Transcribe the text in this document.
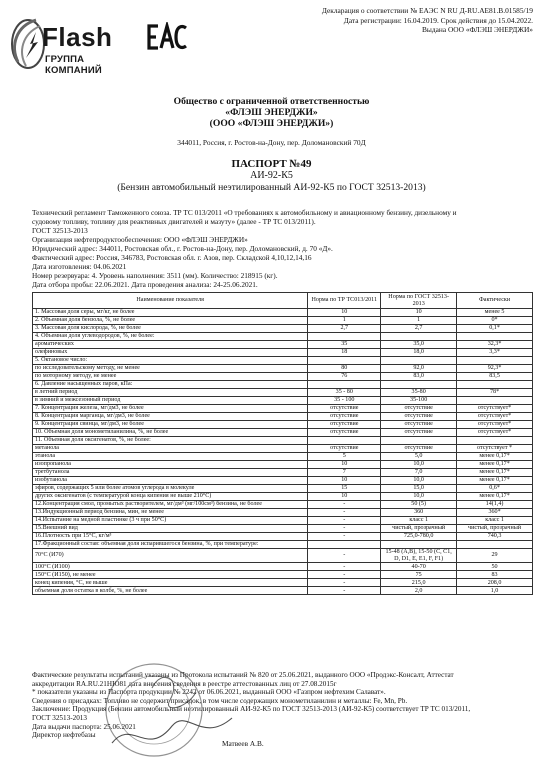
Декларация о соответствии № ЕАЭС N RU Д-RU.АЕ81.В.01585/19
Дата регистрации: 16.04.2019. Срок действия до 15.04.2022.
Выдана ООО «ФЛЭШ ЭНЕРДЖИ»
Flash
ГРУППА КОМПАНИЙ
Общество с ограниченной ответственностью
«ФЛЭШ ЭНЕРДЖИ»
(ООО «ФЛЭШ ЭНЕРДЖИ»)
344011, Россия, г. Ростов-на-Дону, пер. Доломановский 70Д
ПАСПОРТ №49
АИ-92-К5
(Бензин автомобильный неэтилированный АИ-92-К5 по ГОСТ 32513-2013)
Технический регламент Таможенного союза. ТР ТС 013/2011 «О требованиях к автомобильному и авиационному бензину, дизельному и
судовому топливу, топливу для реактивных двигателей и мазуту» (далее - ТР ТС 013/2011).
ГОСТ 32513-2013
Организация нефтепродуктообеспечения: ООО «ФЛЭШ ЭНЕРДЖИ»
Юридический адрес: 344011, Ростовская обл., г. Ростов-на-Дону, пер. Доломановский, д. 70 «Д».
Фактический адрес: Россия, 346783, Ростовская обл. г. Азов, пер. Складской 4,10,12,14,16
Дата изготовления: 04.06.2021
Номер резервуара: 4. Уровень наполнения: 3511 (мм). Количество: 218915 (кг).
Дата отбора пробы: 22.06.2021. Дата проведения анализа: 24-25.06.2021.
Наименование показателя	Норма по ТР ТС013/2011	Норма по ГОСТ 32513-2013	Фактически
1. Массовая доля серы, мг/кг, не более	10	10	менее 5
2. Объемная доля бензола, %, не более	1	1	0*
3. Массовая доля кислорода, %, не более	2,7	2,7	0,1*
4. Объемная доля углеводородов, %, не более:			
ароматических	35	35,0	32,3*
олефиновых	18	18,0	3,3*
5. Октановое число:			
по исследовательскому методу, не менее	80	92,0	92,3*
по моторному методу, не менее	76	83,0	83,5
6. Давление насыщенных паров, кПа:			
в летний период	35 - 80	35-80	78*
в зимний и межсезонный период	35 - 100	35-100	
7. Концентрация железа, мг/дм3, не более	отсутствие	отсутствие	отсутствует*
8. Концентрация марганца, мг/дм3, не более	отсутствие	отсутствие	отсутствует*
9. Концентрация свинца, мг/дм3, не более	отсутствие	отсутствие	отсутствует*
10. Объемная доля монометиланилина, %, не более	отсутствие	отсутствие	отсутствует*
11. Объемная доля оксигенатов, %, не более:			
метанола	отсутствие	отсутствие	отсутствует *
этанола	5	5,0	менее 0,17*
изопропанола	10	10,0	менее 0,17*
третбутанола	7	7,0	менее 0,17*
изобутанола	10	10,0	менее 0,17*
эфиров, содержащих 5 или более атомов углерода в молекуле	15	15,0	0,6*
других оксигенатов (с температурой конца кипения не выше 210°С)	10	10,0	менее 0,17*
12.Концентрация смол, промытых растворителем, мг/дм³ (мг/100см³) бензина, не более	-	50 (5)	14(1,4)
13.Индукционный период бензина, мин, не менее	-	360	360*
14.Испытание на медной пластинке (3 ч при 50°С)	-	класс 1	класс 1
15.Внешний вид	-	чистый, прозрачный	чистый, прозрачный
16.Плотность при 15°С, кг/м³	-	725,0-780,0	740,3
17.Фракционный состав: объемная доля испарившегося бензина, %, при температуре:			
70°С (И70)	-	15-48 (А,В), 15-50 (С, С1, D, D1, Е, Е1, F, F1)	29
100°С (И100)	-	40-70	50
150°С (И150), не менее	-	75	83
конец кипения, °С, не выше	-	215,0	208,0
объемная доля остатка в колбе, %, не более	-	2,0	1,0
Фактические результаты испытаний указаны из Протокола испытаний № 820 от 25.06.2021, выданного ООО «Продэкс-Консалт, Аттестат
аккредитации RA.RU.21HЮ81 дата внесения сведения в реестре аттестованных лиц от 27.08.2015г
* показатели указаны из Паспорта продукции № 2242 от 06.06.2021, выданный ООО «Газпром нефтехим Салават».
Сведения о присадках: Топливо не содержит присадок, в том числе содержащих монометиланилин и металлы: Fe, Mn, Pb.
Заключение: Продукция (Бензин автомобильный неэтилированный АИ-92-К5 по ГОСТ 32513-2013 (АИ-92-К5) соответствует ТР ТС 013/2011,
ГОСТ 32513-2013
Дата выдачи паспорта: 25.06.2021
Директор нефтебазы
Матвеев А.В.
